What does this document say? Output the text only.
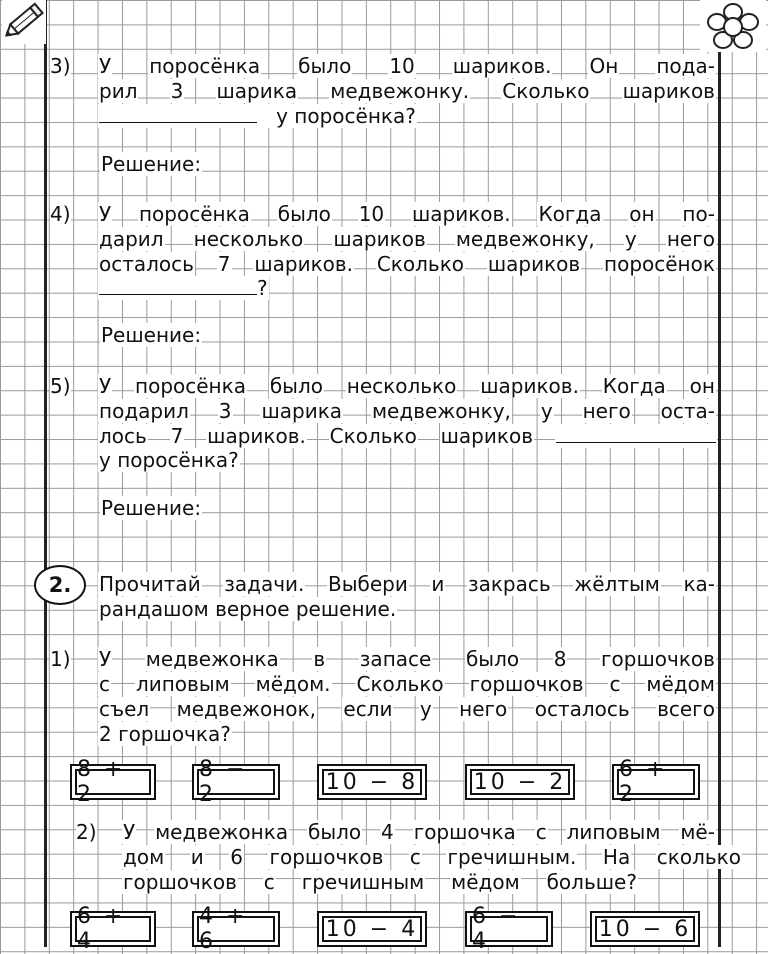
3) У поросёнка было 10 шариков. Он пода-
рил 3 шарика медвежонку. Сколько шариков
у поросёнка?
Решение:
4) У поросёнка было 10 шариков. Когда он по-
дарил несколько шариков медвежонку, у него
осталось 7 шариков. Сколько шариков поросёнок
?
Решение:
5) У поросёнка было несколько шариков. Когда он
подарил 3 шарика медвежонку, у него оста-
лось 7 шариков. Сколько шариков
у поросёнка?
Решение:
2.	Прочитай задачи. Выбери и закрась жёлтым ка-
рандашом верное решение.
1) У медвежонка в запасе было 8 горшочков
с липовым мёдом. Сколько горшочков с мёдом
съел медвежонок, если у него осталось всего
2 горшочка?
8 + 2
8 − 2	10 − 8	10 − 2 6 + 2
2) У медвежонка было 4 горшочка с липовым мё-
дом и 6 горшочков с гречишным. На сколько
горшочков с гречишным мёдом больше?
6 + 4
4 + 6	10 − 4 6 − 4	10 − 6
